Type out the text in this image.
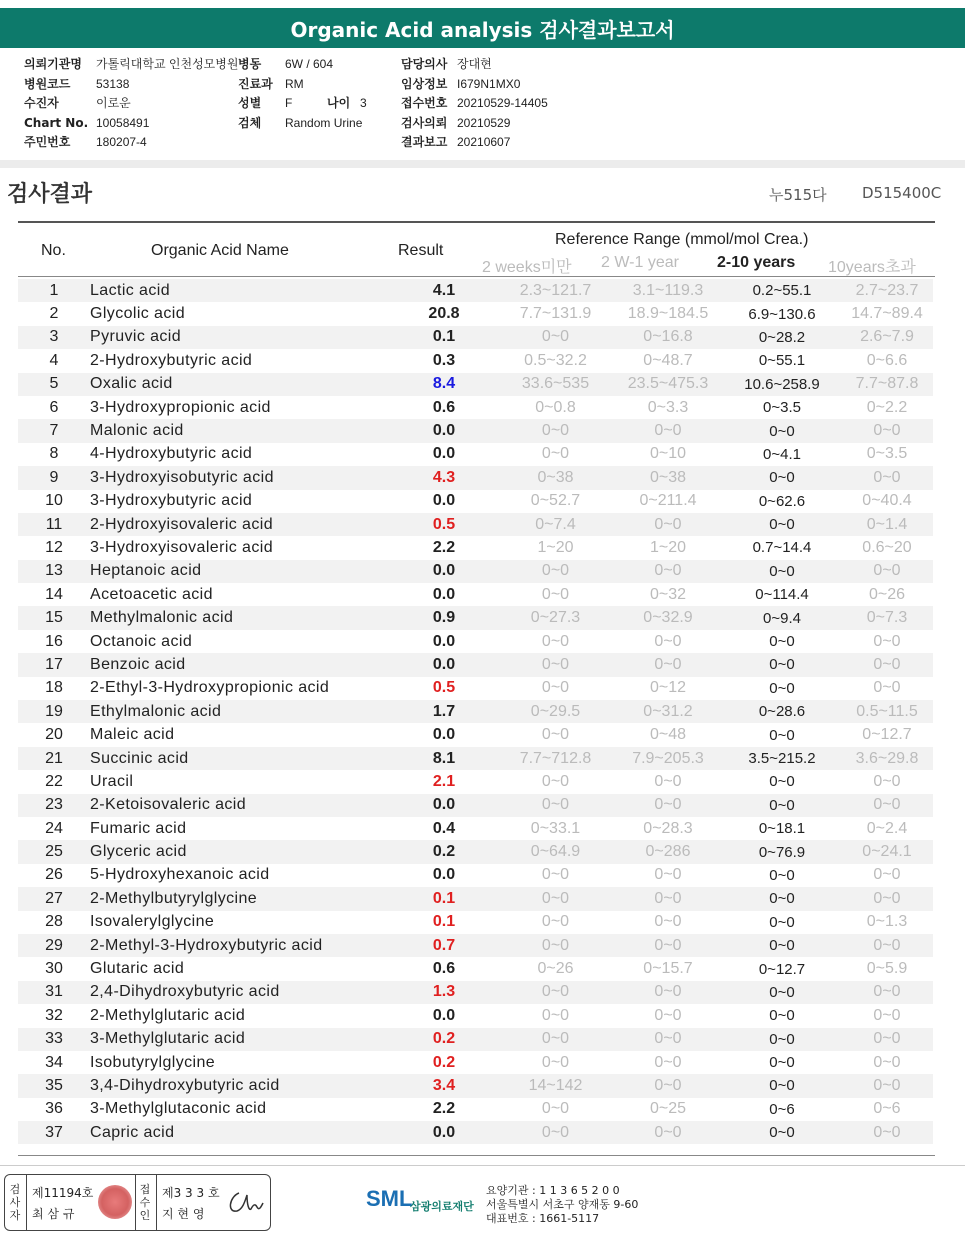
Organic Acid analysis 검사결과보고서
의뢰기관명	가톨릭대학교 인천성모병원
병원코드	53138
수진자	이로운
Chart No. 10058491
주민번호	180207-4
병동	6W / 604
진료과	RM
성별	F	나이 3
검체	Random Urine
담당의사 장대현
임상정보 I679N1MX0
접수번호 20210529-14405
검사의뢰 20210529
결과보고 20210607
검사결과	누515다 D515400C
No.	Organic Acid Name	Result
Reference Range (mmol/mol Crea.)
2 weeks미만 2 W-1 year 2-10 years 10years초과
1	Lactic acid	4.1	2.3~121.7	3.1~119.3	0.2~55.1	2.7~23.7
2	Glycolic acid	20.8	7.7~131.9	18.9~184.5	6.9~130.6	14.7~89.4
3	Pyruvic acid	0.1	0~0	0~16.8	0~28.2	2.6~7.9
4	2-Hydroxybutyric acid	0.3	0.5~32.2	0~48.7	0~55.1	0~6.6
5	Oxalic acid	8.4	33.6~535	23.5~475.3	10.6~258.9	7.7~87.8
6	3-Hydroxypropionic acid	0.6	0~0.8	0~3.3	0~3.5	0~2.2
7	Malonic acid	0.0	0~0	0~0	0~0	0~0
8	4-Hydroxybutyric acid	0.0	0~0	0~10	0~4.1	0~3.5
9	3-Hydroxyisobutyric acid	4.3	0~38	0~38	0~0	0~0
10	3-Hydroxybutyric acid	0.0	0~52.7	0~211.4	0~62.6	0~40.4
11	2-Hydroxyisovaleric acid	0.5	0~7.4	0~0	0~0	0~1.4
12	3-Hydroxyisovaleric acid	2.2	1~20	1~20	0.7~14.4	0.6~20
13	Heptanoic acid	0.0	0~0	0~0	0~0	0~0
14	Acetoacetic acid	0.0	0~0	0~32	0~114.4	0~26
15	Methylmalonic acid	0.9	0~27.3	0~32.9	0~9.4	0~7.3
16	Octanoic acid	0.0	0~0	0~0	0~0	0~0
17	Benzoic acid	0.0	0~0	0~0	0~0	0~0
18	2-Ethyl-3-Hydroxypropionic acid	0.5	0~0	0~12	0~0	0~0
19	Ethylmalonic acid	1.7	0~29.5	0~31.2	0~28.6	0.5~11.5
20	Maleic acid	0.0	0~0	0~48	0~0	0~12.7
21	Succinic acid	8.1	7.7~712.8	7.9~205.3	3.5~215.2	3.6~29.8
22	Uracil	2.1	0~0	0~0	0~0	0~0
23	2-Ketoisovaleric acid	0.0	0~0	0~0	0~0	0~0
24	Fumaric acid	0.4	0~33.1	0~28.3	0~18.1	0~2.4
25	Glyceric acid	0.2	0~64.9	0~286	0~76.9	0~24.1
26	5-Hydroxyhexanoic acid	0.0	0~0	0~0	0~0	0~0
27	2-Methylbutyrylglycine	0.1	0~0	0~0	0~0	0~0
28	Isovalerylglycine	0.1	0~0	0~0	0~0	0~1.3
29	2-Methyl-3-Hydroxybutyric acid	0.7	0~0	0~0	0~0	0~0
30	Glutaric acid	0.6	0~26	0~15.7	0~12.7	0~5.9
31	2,4-Dihydroxybutyric acid	1.3	0~0	0~0	0~0	0~0
32	2-Methylglutaric acid	0.0	0~0	0~0	0~0	0~0
33	3-Methylglutaric acid	0.2	0~0	0~0	0~0	0~0
34	Isobutyrylglycine	0.2	0~0	0~0	0~0	0~0
35	3,4-Dihydroxybutyric acid	3.4	14~142	0~0	0~0	0~0
36	3-Methylglutaconic acid	2.2	0~0	0~25	0~6	0~6
37	Capric acid	0.0	0~0	0~0	0~0	0~0
검사자
제11194호
최 삼 규
접수인
제3 3 3 호
지 현 영
SML
삼광의료재단
요양기관 : 1 1 3 6 5 2 0 0
서울특별시 서초구 양재동 9-60
대표번호 : 1661-5117
